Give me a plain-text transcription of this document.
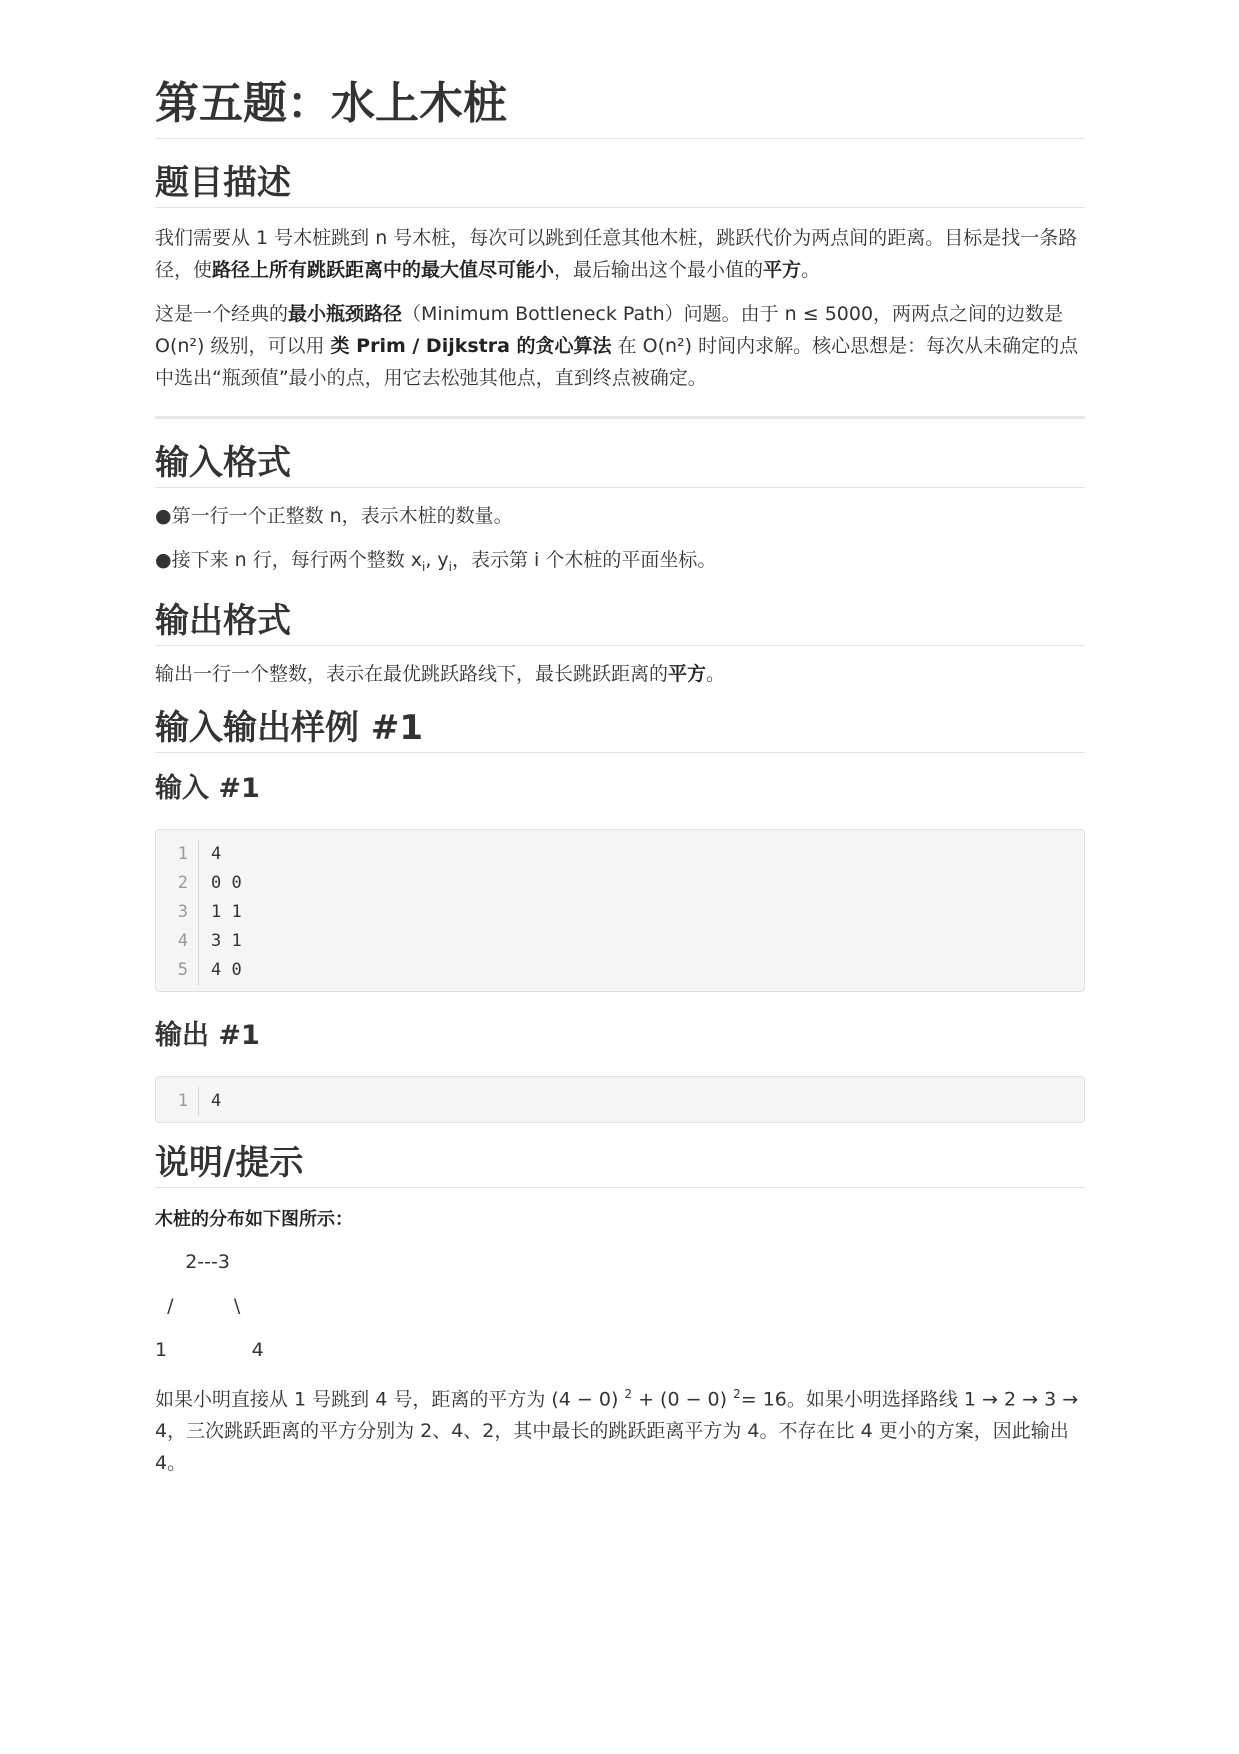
第五题：水上木桩
题目描述

我们需要从 1 号木桩跳到 n 号木桩，每次可以跳到任意其他木桩，跳跃代价为两点间的距离。目标是找一条路径，使路径上所有跳跃距离中的最大值尽可能小，最后输出这个最小值的平方。

这是一个经典的最小瓶颈路径（Minimum Bottleneck Path）问题。由于 n ≤ 5000，两两点之间的边数是 O(n²) 级别，可以用 类 Prim / Dijkstra 的贪心算法 在 O(n²) 时间内求解。核心思想是：每次从未确定的点中选出“瓶颈值”最小的点，用它去松弛其他点，直到终点被确定。

输入格式

●第一行一个正整数 n，表示木桩的数量。

●接下来 n 行，每行两个整数 $x_i$, $y_i$，表示第 i 个木桩的平面坐标。

输出格式

输出一行一个整数，表示在最优跳跃路线下，最长跳跃距离的平方。

输入输出样例 #1
输入 #1
1	4
2	0 0
3	1 1
4	3 1
5	4 0
输出 #1
1	4
说明/提示

木桩的分布如下图所示：

2---3
/          \
1              4

如果小明直接从 1 号跳到 4 号，距离的平方为 (4 − 0) $^2$ + (0 − 0) $^2$= 16。如果小明选择路线 1 → 2 → 3 → 4，三次跳跃距离的平方分别为 2、4、2，其中最长的跳跃距离平方为 4。不存在比 4 更小的方案，因此输出 4。
